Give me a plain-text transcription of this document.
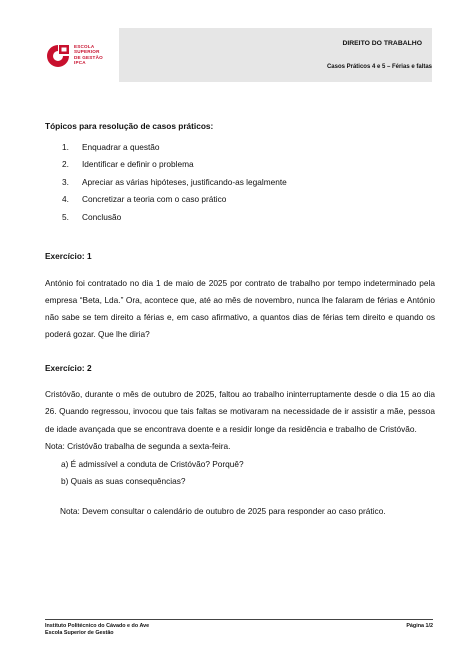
ESCOLA
SUPERIOR
DE GESTÃO
IPCA
DIREITO DO TRABALHO
Casos Práticos 4 e 5 – Férias e faltas

Tópicos para resolução de casos práticos:

1. Enquadrar a questão
2. Identificar e definir o problema
3. Apreciar as várias hipóteses, justificando-as legalmente
4. Concretizar a teoria com o caso prático
5. Conclusão

Exercício: 1

António foi contratado no dia 1 de maio de 2025 por contrato de trabalho por tempo indeterminado pela empresa “Beta, Lda.” Ora, acontece que, até ao mês de novembro, nunca lhe falaram de férias e António não sabe se tem direito a férias e, em caso afirmativo, a quantos dias de férias tem direito e quando os poderá gozar. Que lhe diria?

Exercício: 2

Cristóvão, durante o mês de outubro de 2025, faltou ao trabalho ininterruptamente desde o dia 15 ao dia 26. Quando regressou, invocou que tais faltas se motivaram na necessidade de ir assistir a mãe, pessoa de idade avançada que se encontrava doente e a residir longe da residência e trabalho de Cristóvão.

Nota: Cristóvão trabalha de segunda a sexta-feira.

a) É admissível a conduta de Cristóvão? Porquê?
b) Quais as suas consequências?

Nota: Devem consultar o calendário de outubro de 2025 para responder ao caso prático.

Instituto Politécnico do Cávado e do Ave
Escola Superior de Gestão
Página 1/2
